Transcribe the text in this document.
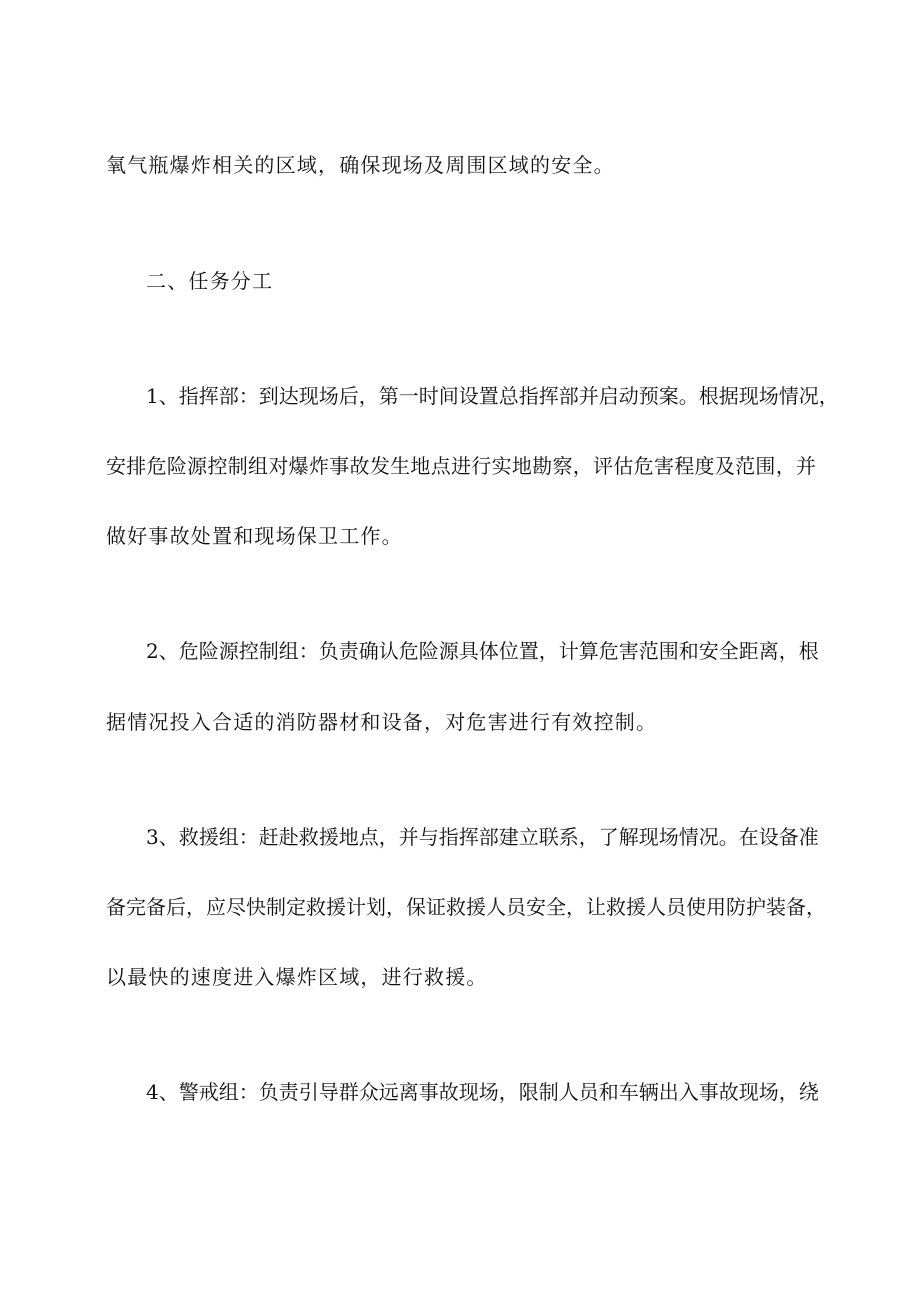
氧气瓶爆炸相关的区域，确保现场及周围区域的安全。
二、任务分工
1、指挥部：到达现场后，第一时间设置总指挥部并启动预案。根据现场情况，
安排危险源控制组对爆炸事故发生地点进行实地勘察，评估危害程度及范围，并
做好事故处置和现场保卫工作。
2、危险源控制组：负责确认危险源具体位置，计算危害范围和安全距离，根
据情况投入合适的消防器材和设备，对危害进行有效控制。
3、救援组：赶赴救援地点，并与指挥部建立联系，了解现场情况。在设备准
备完备后，应尽快制定救援计划，保证救援人员安全，让救援人员使用防护装备，
以最快的速度进入爆炸区域，进行救援。
4、警戒组：负责引导群众远离事故现场，限制人员和车辆出入事故现场，绕
